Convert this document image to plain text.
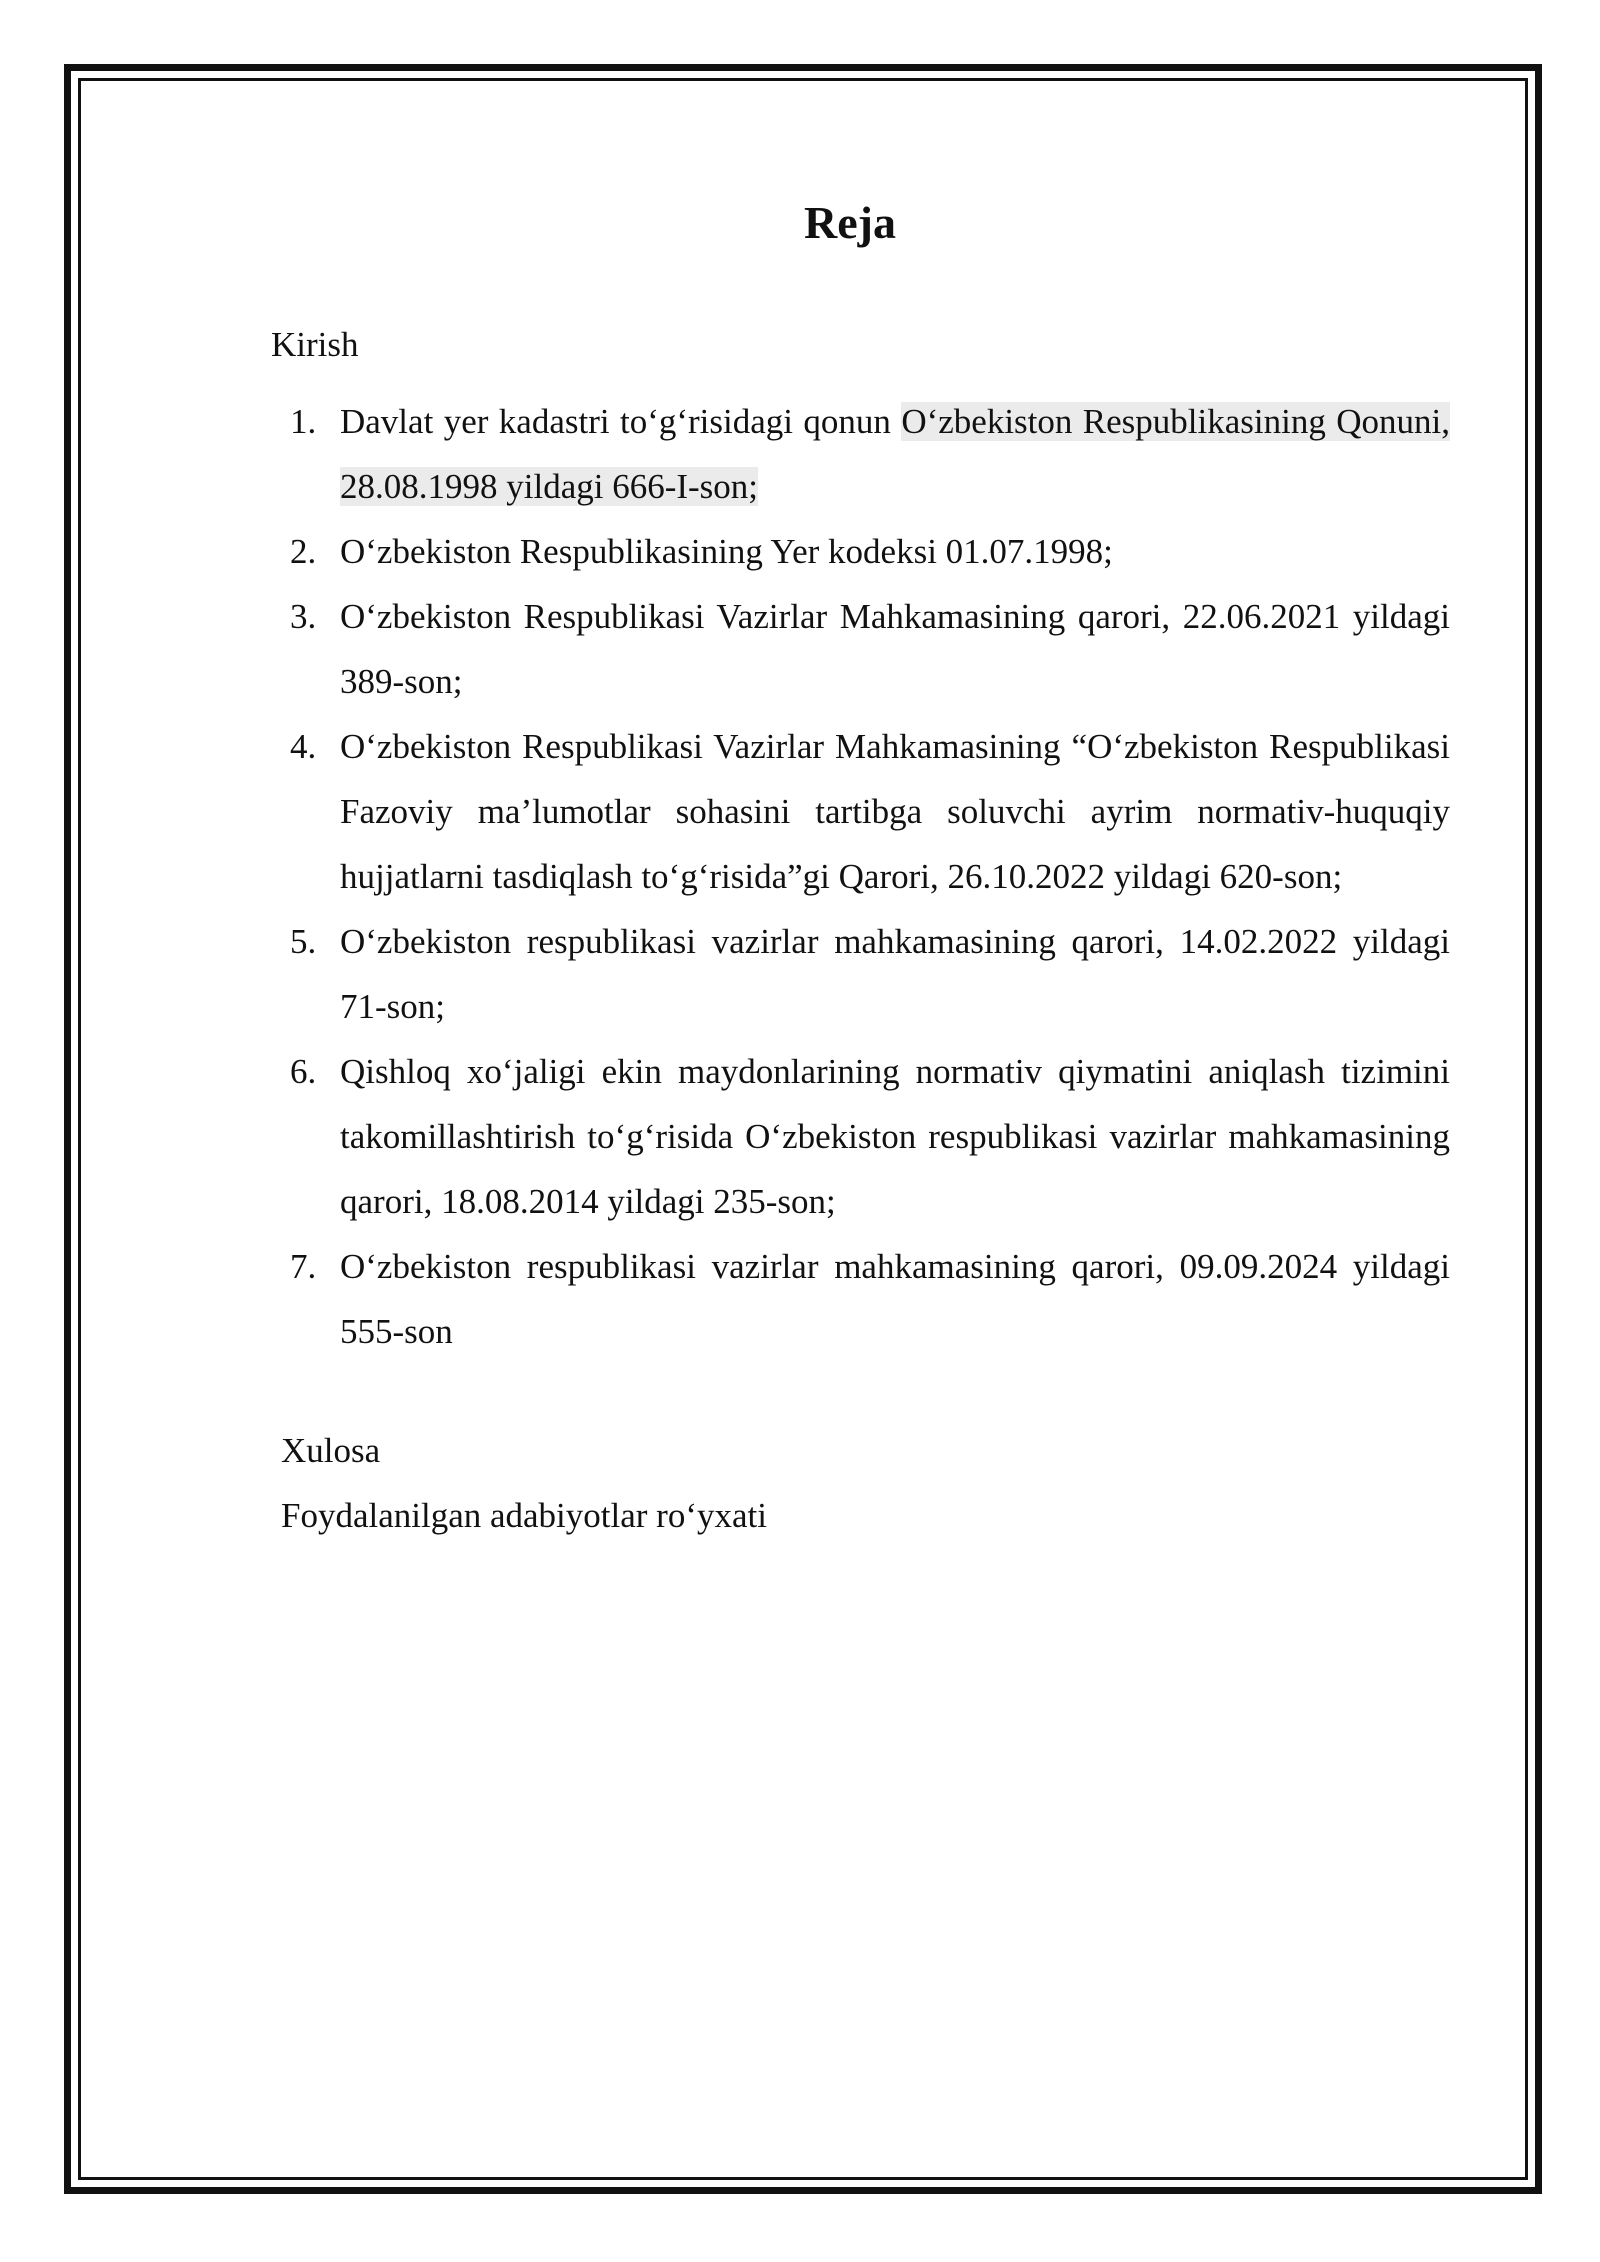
Reja
Kirish
1. Davlat yer kadastri to‘g‘risidagi qonun O‘zbekiston Respublikasining Qonuni, 28.08.1998 yildagi 666-I-son;
2. O‘zbekiston Respublikasining Yer kodeksi 01.07.1998;
3. O‘zbekiston Respublikasi Vazirlar Mahkamasining qarori, 22.06.2021 yildagi 389-son;
4. O‘zbekiston Respublikasi Vazirlar Mahkamasining “O‘zbekiston Respublikasi Fazoviy ma’lumotlar sohasini tartibga soluvchi ayrim normativ-huquqiy hujjatlarni tasdiqlash to‘g‘risida”gi Qarori, 26.10.2022 yildagi 620-son;
5. O‘zbekiston respublikasi vazirlar mahkamasining qarori, 14.02.2022 yildagi 71-son;
6. Qishloq xo‘jaligi ekin maydonlarining normativ qiymatini aniqlash tizimini takomillashtirish to‘g‘risida O‘zbekiston respublikasi vazirlar mahkamasining qarori, 18.08.2014 yildagi 235-son;
7. O‘zbekiston respublikasi vazirlar mahkamasining qarori, 09.09.2024 yildagi 555-son
Xulosa
Foydalanilgan adabiyotlar ro‘yxati
